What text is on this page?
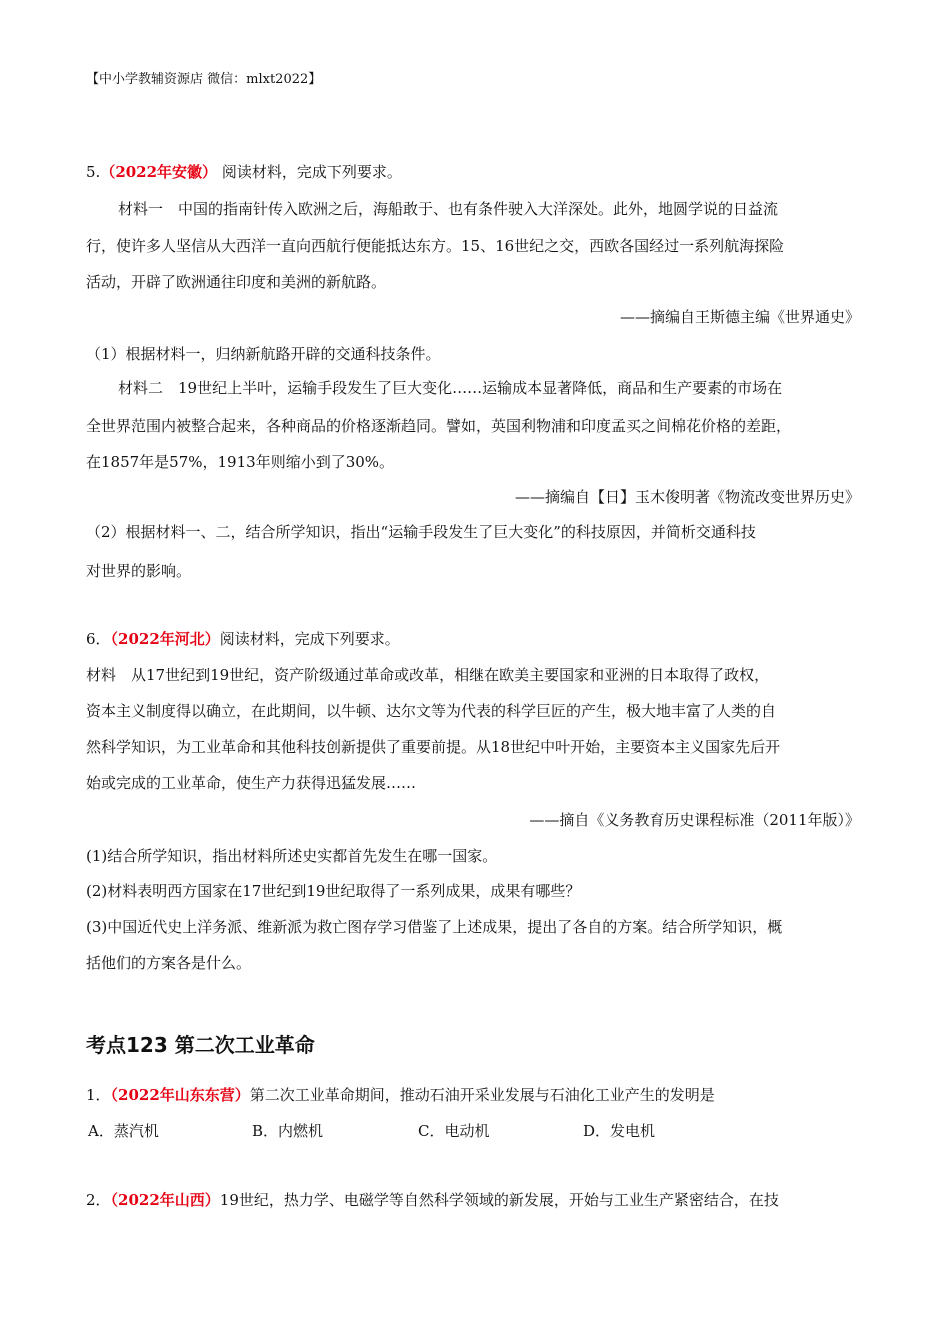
【中小学教辅资源店 微信：mlxt2022】
5.（2022年安徽） 阅读材料，完成下列要求。
材料一　中国的指南针传入欧洲之后，海船敢于、也有条件驶入大洋深处。此外，地圆学说的日益流
行，使许多人坚信从大西洋一直向西航行便能抵达东方。15、16世纪之交，西欧各国经过一系列航海探险
活动，开辟了欧洲通往印度和美洲的新航路。
——摘编自王斯德主编《世界通史》
（1）根据材料一，归纳新航路开辟的交通科技条件。
材料二　19世纪上半叶，运输手段发生了巨大变化……运输成本显著降低，商品和生产要素的市场在
全世界范围内被整合起来，各种商品的价格逐渐趋同。譬如，英国利物浦和印度孟买之间棉花价格的差距，
在1857年是57%，1913年则缩小到了30%。
——摘编自【日】玉木俊明著《物流改变世界历史》
（2）根据材料一、二，结合所学知识，指出“运输手段发生了巨大变化”的科技原因，并简析交通科技
对世界的影响。
6．（2022年河北）阅读材料，完成下列要求。
材料　从17世纪到19世纪，资产阶级通过革命或改革，相继在欧美主要国家和亚洲的日本取得了政权，
资本主义制度得以确立，在此期间，以牛顿、达尔文等为代表的科学巨匠的产生，极大地丰富了人类的自
然科学知识，为工业革命和其他科技创新提供了重要前提。从18世纪中叶开始，主要资本主义国家先后开
始或完成的工业革命，使生产力获得迅猛发展……
——摘自《义务教育历史课程标准（2011年版）》
(1)结合所学知识，指出材料所述史实都首先发生在哪一国家。
(2)材料表明西方国家在17世纪到19世纪取得了一系列成果，成果有哪些？
(3)中国近代史上洋务派、维新派为救亡图存学习借鉴了上述成果，提出了各自的方案。结合所学知识，概
括他们的方案各是什么。
考点123 第二次工业革命
1．（2022年山东东营）第二次工业革命期间，推动石油开采业发展与石油化工业产生的发明是
A．蒸汽机	B．内燃机	C．电动机	D．发电机
2．（2022年山西）19世纪，热力学、电磁学等自然科学领域的新发展，开始与工业生产紧密结合，在技
